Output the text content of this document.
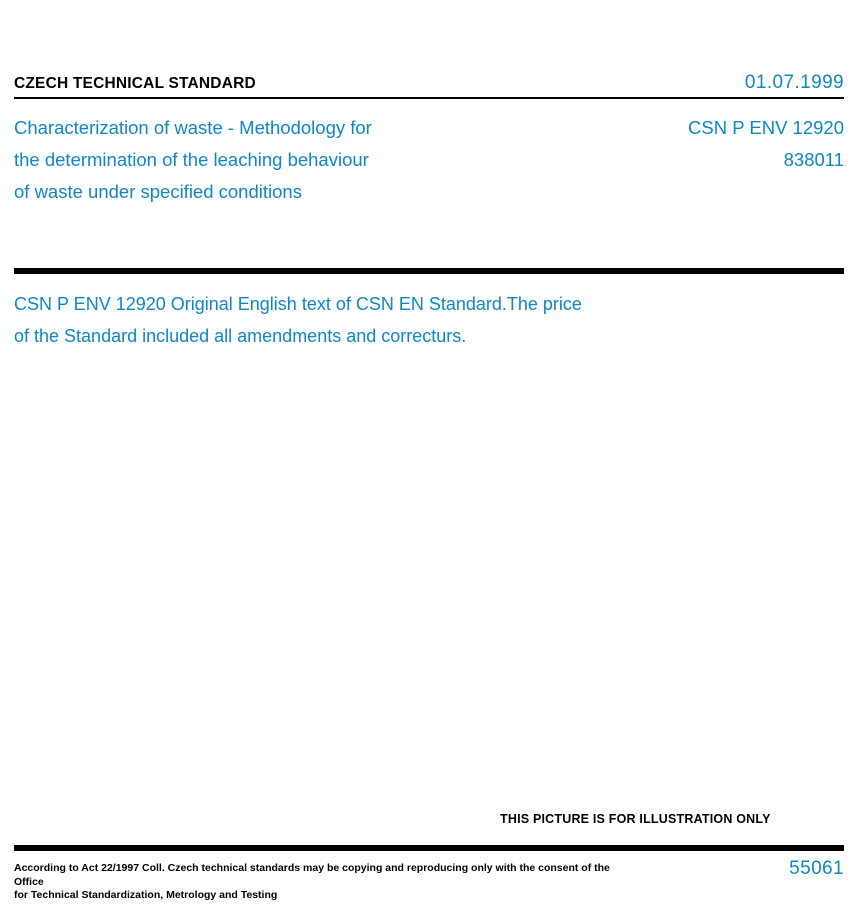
CZECH TECHNICAL STANDARD	01.07.1999
Characterization of waste - Methodology for
the determination of the leaching behaviour
of waste under specified conditions
CSN P ENV 12920
838011
CSN P ENV 12920 Original English text of CSN EN Standard.The price
of the Standard included all amendments and correcturs.
THIS PICTURE IS FOR ILLUSTRATION ONLY
According to Act 22/1997 Coll. Czech technical standards may be copying and reproducing only with the consent of the Office
for Technical Standardization, Metrology and Testing
55061
